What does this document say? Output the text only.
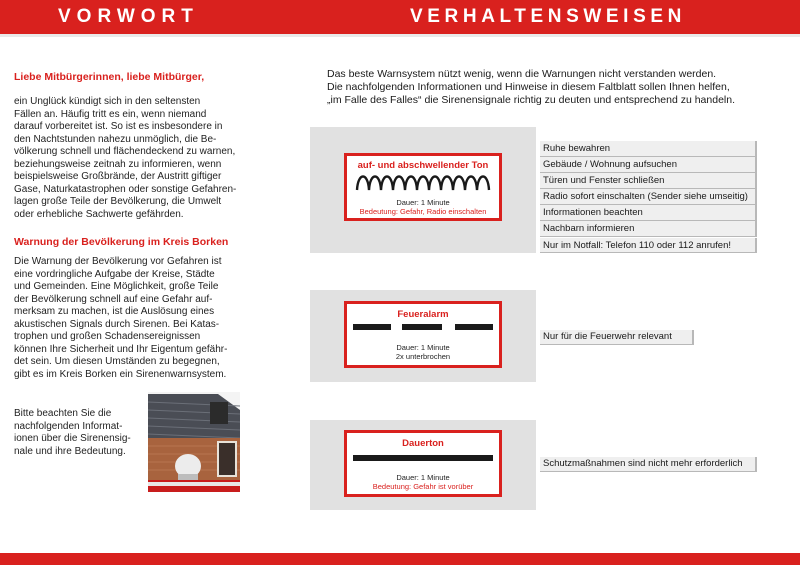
VORWORT	VERHALTENSWEISEN
Liebe Mitbürgerinnen, liebe Mitbürger,
ein Unglück kündigt sich in den seltensten
Fällen an. Häufig tritt es ein, wenn niemand
darauf vorbereitet ist. So ist es insbesondere in
den Nachtstunden nahezu unmöglich, die Be-
völkerung schnell und flächendeckend zu warnen,
beziehungsweise zeitnah zu informieren, wenn
beispielsweise Großbrände, der Austritt giftiger
Gase, Naturkatastrophen oder sonstige Gefahren-
lagen große Teile der Bevölkerung, die Umwelt
oder erhebliche Sachwerte gefährden.
Warnung der Bevölkerung im Kreis Borken
Die Warnung der Bevölkerung vor Gefahren ist
eine vordringliche Aufgabe der Kreise, Städte
und Gemeinden. Eine Möglichkeit, große Teile
der Bevölkerung schnell auf eine Gefahr auf-
merksam zu machen, ist die Auslösung eines
akustischen Signals durch Sirenen. Bei Katas-
trophen und großen Schadensereignissen
können Ihre Sicherheit und Ihr Eigentum gefähr-
det sein. Um diesen Umständen zu begegnen,
gibt es im Kreis Borken ein Sirenenwarnsystem.
Bitte beachten Sie die
nachfolgenden Informat-
ionen über die Sirenensig-
nale und ihre Bedeutung.
Das beste Warnsystem nützt wenig, wenn die Warnungen nicht verstanden werden.
Die nachfolgenden Informationen und Hinweise in diesem Faltblatt sollen Ihnen helfen,
„im Falle des Falles“ die Sirenensignale richtig zu deuten und entsprechend zu handeln.
auf- und abschwellender Ton
Dauer: 1 Minute
Bedeutung: Gefahr, Radio einschalten
Ruhe bewahren
Gebäude / Wohnung aufsuchen
Türen und Fenster schließen
Radio sofort einschalten (Sender siehe umseitig)
Informationen beachten
Nachbarn informieren
Nur im Notfall: Telefon 110 oder 112 anrufen!
Feueralarm
Dauer: 1 Minute
2x unterbrochen
Nur für die Feuerwehr relevant
Dauerton
Dauer: 1 Minute
Bedeutung: Gefahr ist vorüber
Schutzmaßnahmen sind nicht mehr erforderlich
